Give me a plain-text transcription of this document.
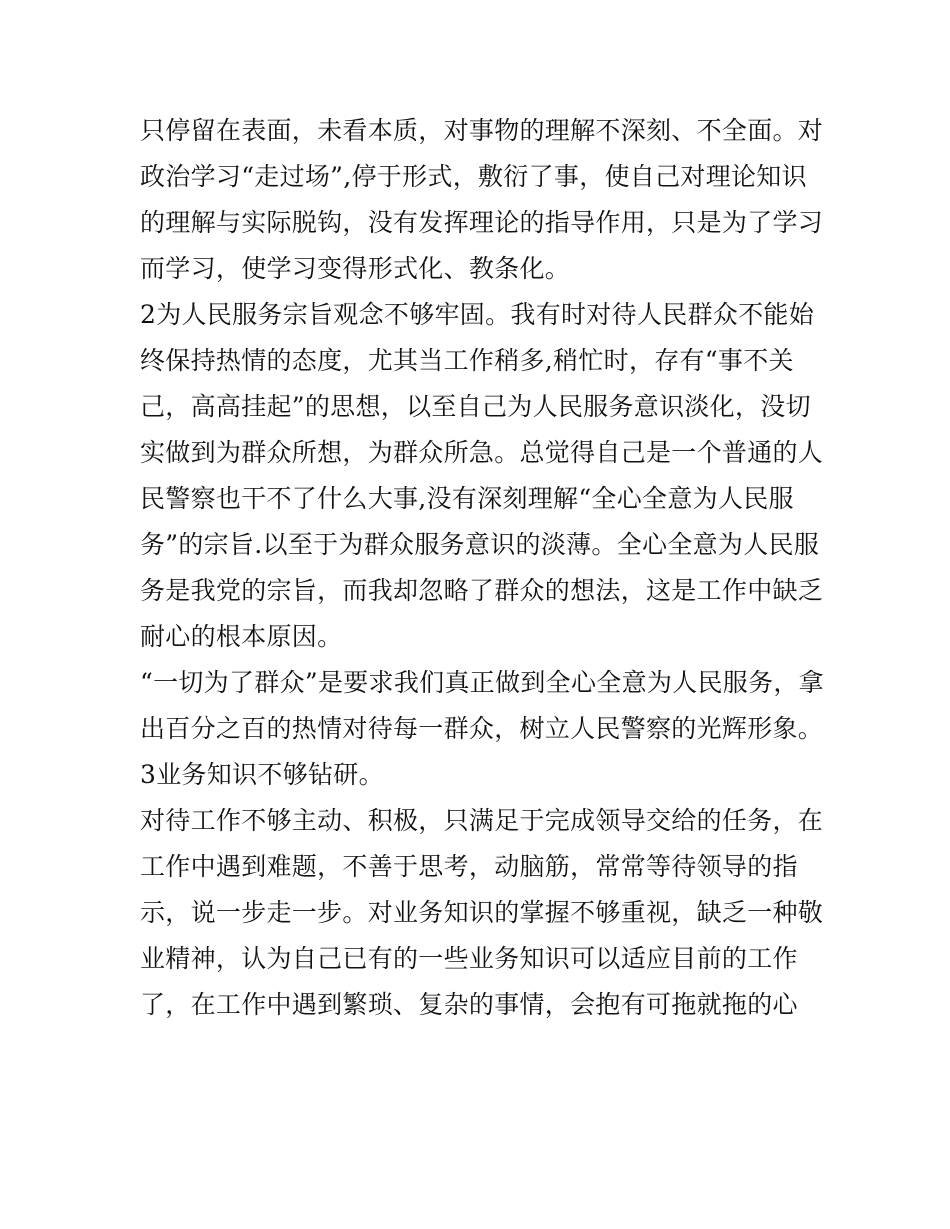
只停留在表面，未看本质，对事物的理解不深刻、不全面。对
政治学习“走过场”,停于形式，敷衍了事，使自己对理论知识
的理解与实际脱钩，没有发挥理论的指导作用，只是为了学习
而学习，使学习变得形式化、教条化。
2为人民服务宗旨观念不够牢固。我有时对待人民群众不能始
终保持热情的态度，尤其当工作稍多,稍忙时，存有“事不关
己，高高挂起”的思想，以至自己为人民服务意识淡化，没切
实做到为群众所想，为群众所急。总觉得自己是一个普通的人
民警察也干不了什么大事,没有深刻理解“全心全意为人民服
务”的宗旨.以至于为群众服务意识的淡薄。全心全意为人民服
务是我党的宗旨，而我却忽略了群众的想法，这是工作中缺乏
耐心的根本原因。
“一切为了群众”是要求我们真正做到全心全意为人民服务，拿
出百分之百的热情对待每一群众，树立人民警察的光辉形象。
3业务知识不够钻研。
对待工作不够主动、积极，只满足于完成领导交给的任务，在
工作中遇到难题，不善于思考，动脑筋，常常等待领导的指
示，说一步走一步。对业务知识的掌握不够重视，缺乏一种敬
业精神，认为自己已有的一些业务知识可以适应目前的工作
了，在工作中遇到繁琐、复杂的事情，会抱有可拖就拖的心
